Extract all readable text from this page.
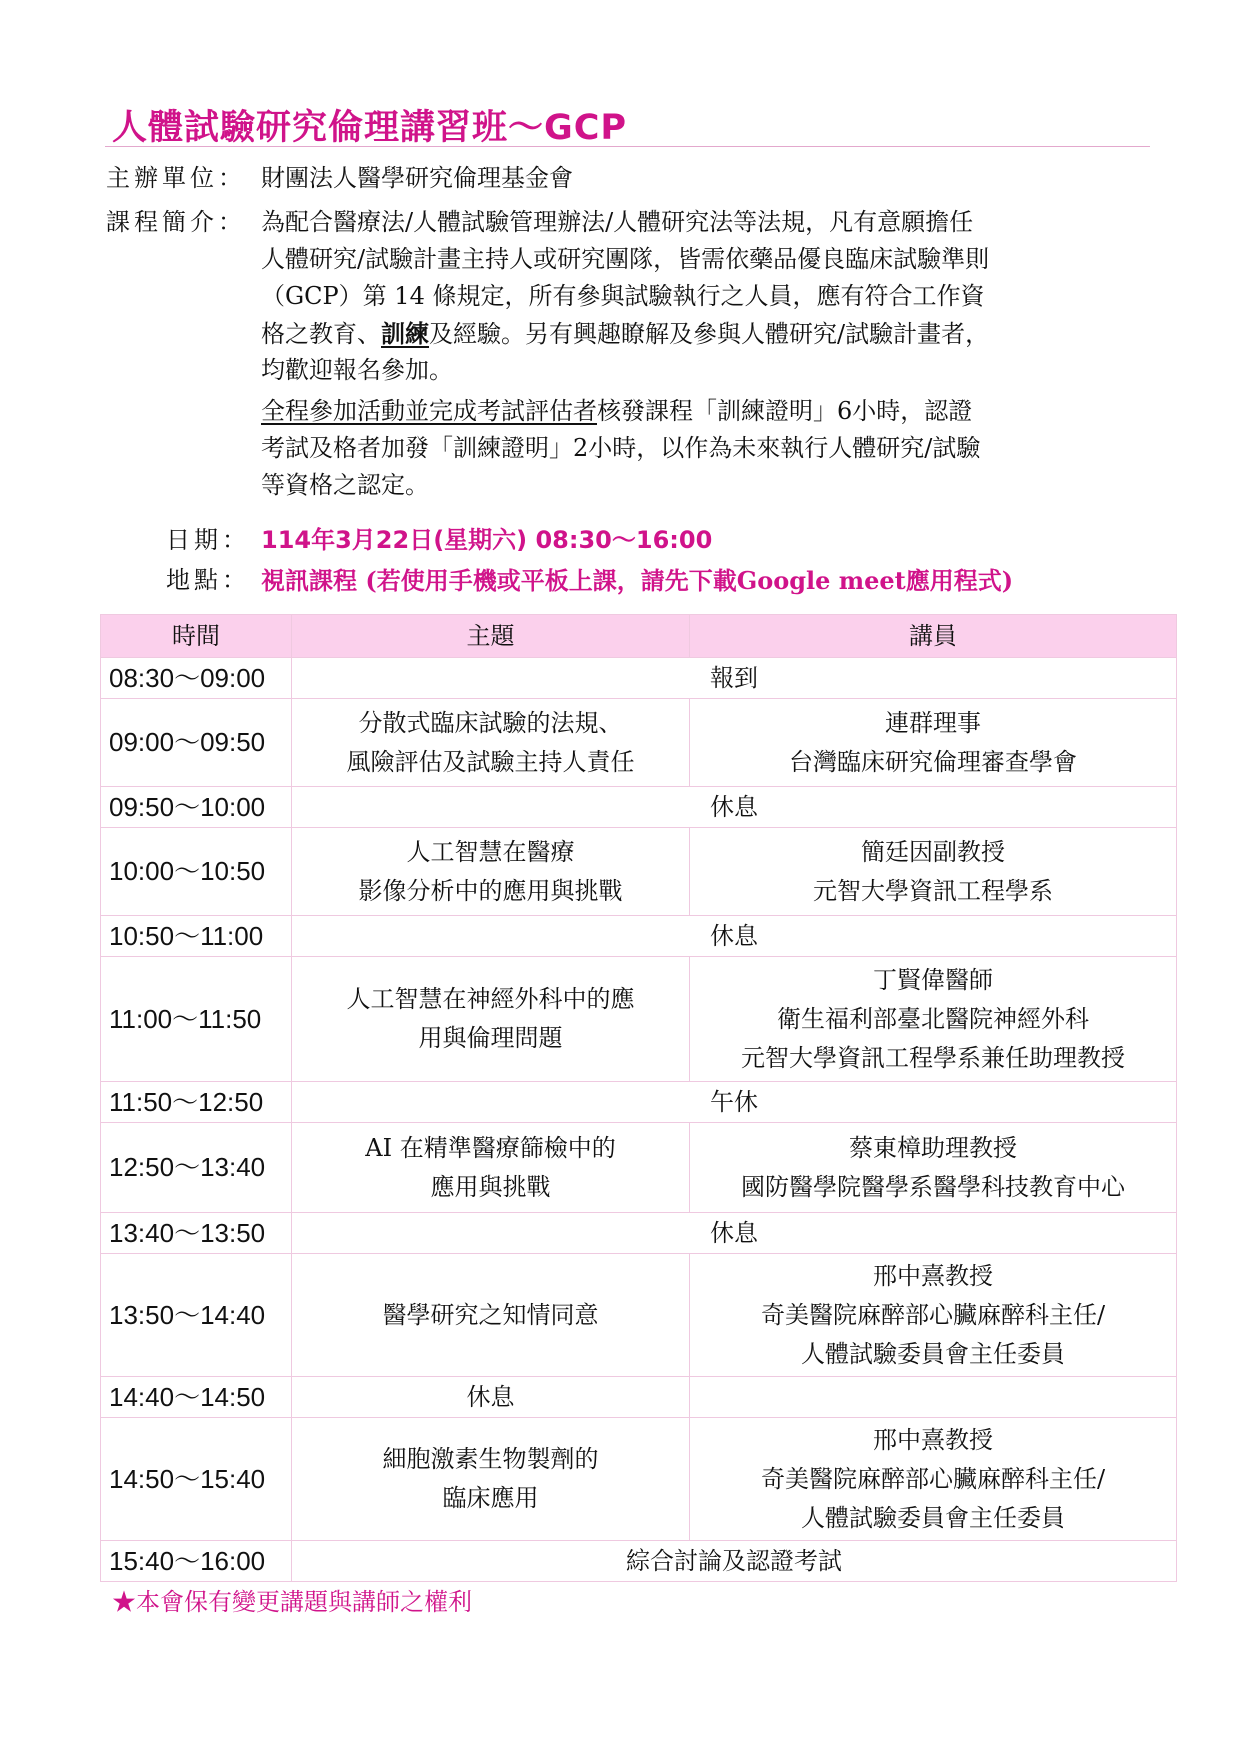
人體試驗研究倫理講習班～GCP
主辦單位： 財團法人醫學研究倫理基金會
課程簡介： 為配合醫療法/人體試驗管理辦法/人體研究法等法規，凡有意願擔任
人體研究/試驗計畫主持人或研究團隊，皆需依藥品優良臨床試驗準則
（GCP）第 14 條規定，所有參與試驗執行之人員，應有符合工作資
格之教育、訓練及經驗。另有興趣瞭解及參與人體研究/試驗計畫者，
均歡迎報名參加。
全程參加活動並完成考試評估者核發課程「訓練證明」6小時，認證
考試及格者加發「訓練證明」2小時，以作為未來執行人體研究/試驗
等資格之認定。
日期： 114年3月22日(星期六) 08:30～16:00
地點： 視訊課程 (若使用手機或平板上課，請先下載Google meet應用程式)
時間	主題	講員
08:30～09:00	報到	
09:00～09:50	分散式臨床試驗的法規、
風險評估及試驗主持人責任	連群理事
台灣臨床研究倫理審查學會

09:50～10:00	休息	
10:00～10:50	人工智慧在醫療
影像分析中的應用與挑戰	簡廷因副教授
元智大學資訊工程學系

10:50～11:00	休息	
11:00～11:50	人工智慧在神經外科中的應
用與倫理問題	丁賢偉醫師
衛生福利部臺北醫院神經外科
元智大學資訊工程學系兼任助理教授

11:50～12:50	午休	
12:50～13:40	AI 在精準醫療篩檢中的
應用與挑戰	蔡東樟助理教授
國防醫學院醫學系醫學科技教育中心

13:40～13:50	休息	
13:50～14:40	醫學研究之知情同意	邢中熹教授
奇美醫院麻醉部心臟麻醉科主任/
人體試驗委員會主任委員

14:40～14:50	休息	
14:50～15:40	細胞激素生物製劑的
臨床應用	邢中熹教授
奇美醫院麻醉部心臟麻醉科主任/
人體試驗委員會主任委員

15:40～16:00	綜合討論及認證考試	
★本會保有變更講題與講師之權利
